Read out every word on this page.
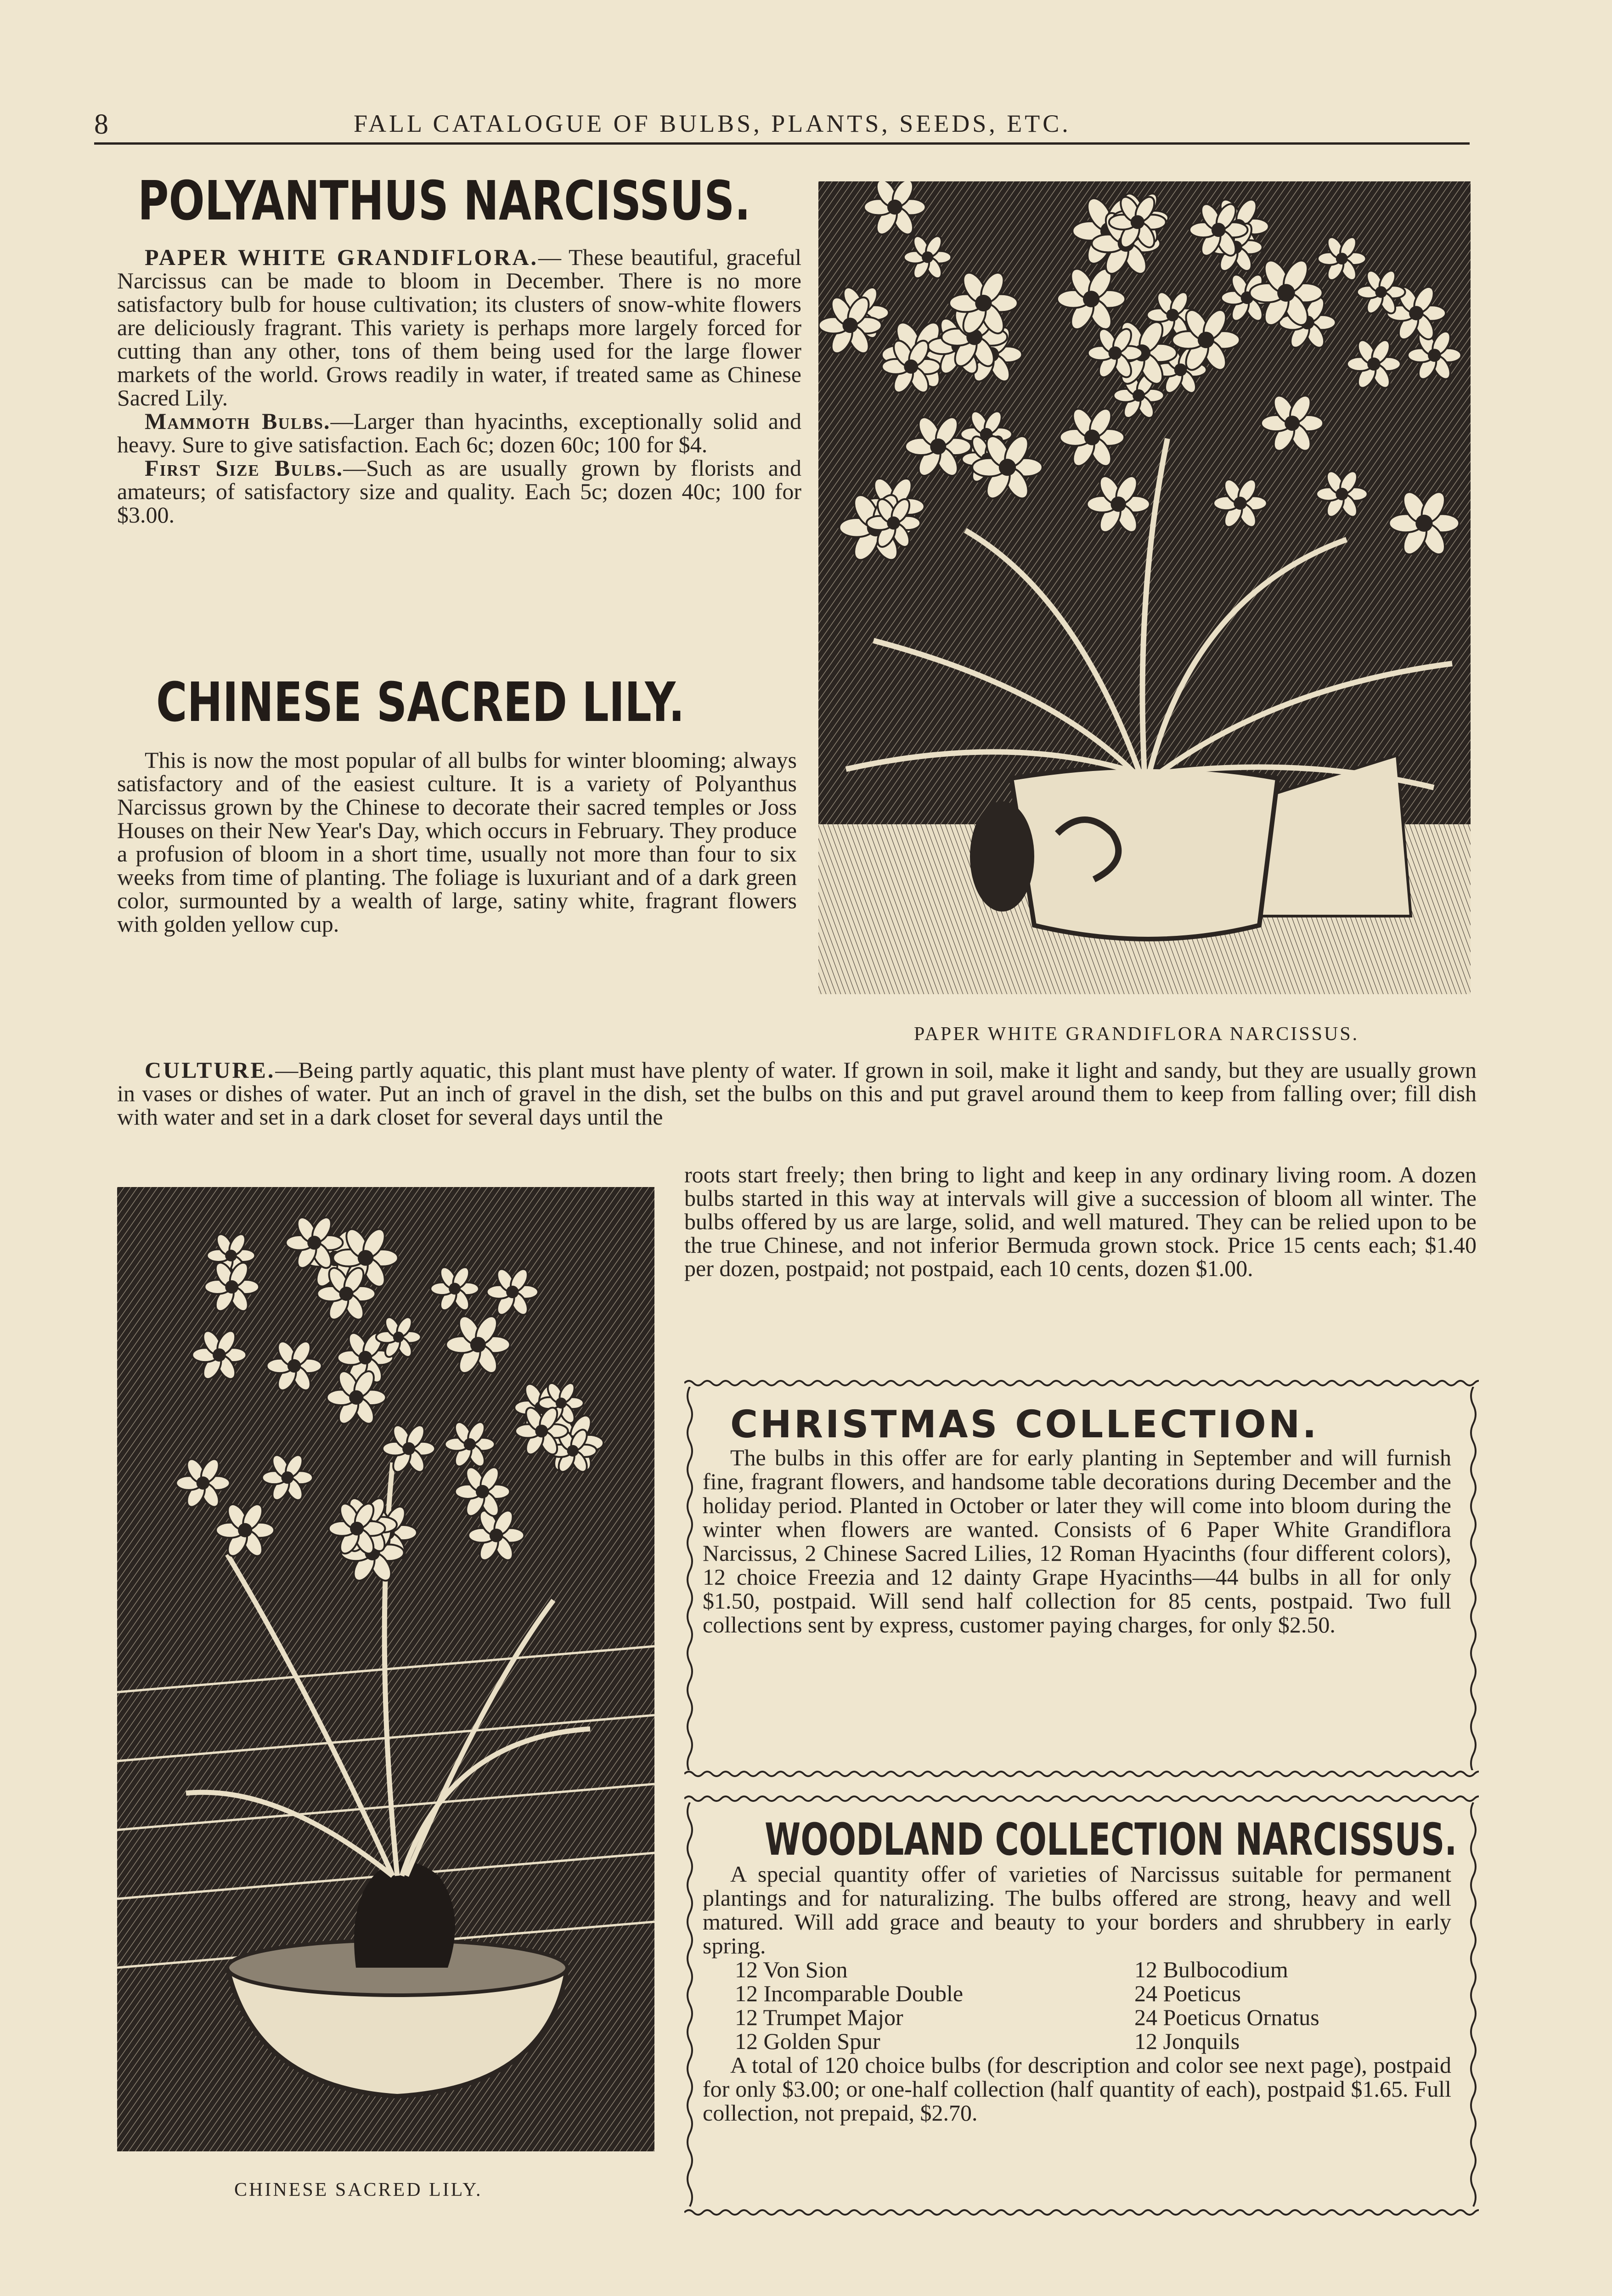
8	FALL CATALOGUE OF BULBS, PLANTS, SEEDS, ETC.
POLYANTHUS NARCISSUS.

PAPER WHITE GRANDIFLORA.— These beautiful, graceful Narcissus can be made to bloom in December. There is no more satisfactory bulb for house cultivation; its clusters of snow-white flowers are deliciously fragrant. This variety is perhaps more largely forced for cutting than any other, tons of them being used for the large flower markets of the world. Grows readily in water, if treated same as Chinese Sacred Lily.

Mammoth Bulbs.—Larger than hyacinths, exceptionally solid and heavy. Sure to give satisfaction. Each 6c; dozen 60c; 100 for $4.

First Size Bulbs.—Such as are usually grown by florists and amateurs; of satisfactory size and quality. Each 5c; dozen 40c; 100 for $3.00.

CHINESE SACRED LILY.

This is now the most popular of all bulbs for winter blooming; always satisfactory and of the easiest culture. It is a variety of Polyanthus Narcissus grown by the Chinese to decorate their sacred temples or Joss Houses on their New Year's Day, which occurs in February. They produce a profusion of bloom in a short time, usually not more than four to six weeks from time of planting. The foliage is luxuriant and of a dark green color, surmounted by a wealth of large, satiny white, fragrant flowers with golden yellow cup.

CULTURE.—Being partly aquatic, this plant must have plenty of water. If grown in soil, make it light and sandy, but they are usually grown in vases or dishes of water. Put an inch of gravel in the dish, set the bulbs on this and put gravel around them to keep from falling over; fill dish with water and set in a dark closet for several days until the

roots start freely; then bring to light and keep in any ordinary living room. A dozen bulbs started in this way at intervals will give a succession of bloom all winter. The bulbs offered by us are large, solid, and well matured. They can be relied upon to be the true Chinese, and not inferior Bermuda grown stock. Price 15 cents each; $1.40 per dozen, postpaid; not postpaid, each 10 cents, dozen $1.00.

PAPER WHITE GRANDIFLORA NARCISSUS.
CHINESE SACRED LILY.
CHRISTMAS COLLECTION.

The bulbs in this offer are for early planting in September and will furnish fine, fragrant flowers, and handsome table decorations during December and the holiday period. Planted in October or later they will come into bloom during the winter when flowers are wanted. Consists of 6 Paper White Grandiflora Narcissus, 2 Chinese Sacred Lilies, 12 Roman Hyacinths (four different colors), 12 choice Freezia and 12 dainty Grape Hyacinths—44 bulbs in all for only $1.50, postpaid. Will send half collection for 85 cents, postpaid. Two full collections sent by express, customer paying charges, for only $2.50.

WOODLAND COLLECTION NARCISSUS.

A special quantity offer of varieties of Narcissus suitable for permanent plantings and for naturalizing. The bulbs offered are strong, heavy and well matured. Will add grace and beauty to your borders and shrubbery in early spring.

12 Von Sion
12 Incomparable Double
12 Trumpet Major
12 Golden Spur
12 Bulbocodium
24 Poeticus
24 Poeticus Ornatus
12 Jonquils

A total of 120 choice bulbs (for description and color see next page), postpaid for only $3.00; or one-half collection (half quantity of each), postpaid $1.65. Full collection, not prepaid, $2.70.
